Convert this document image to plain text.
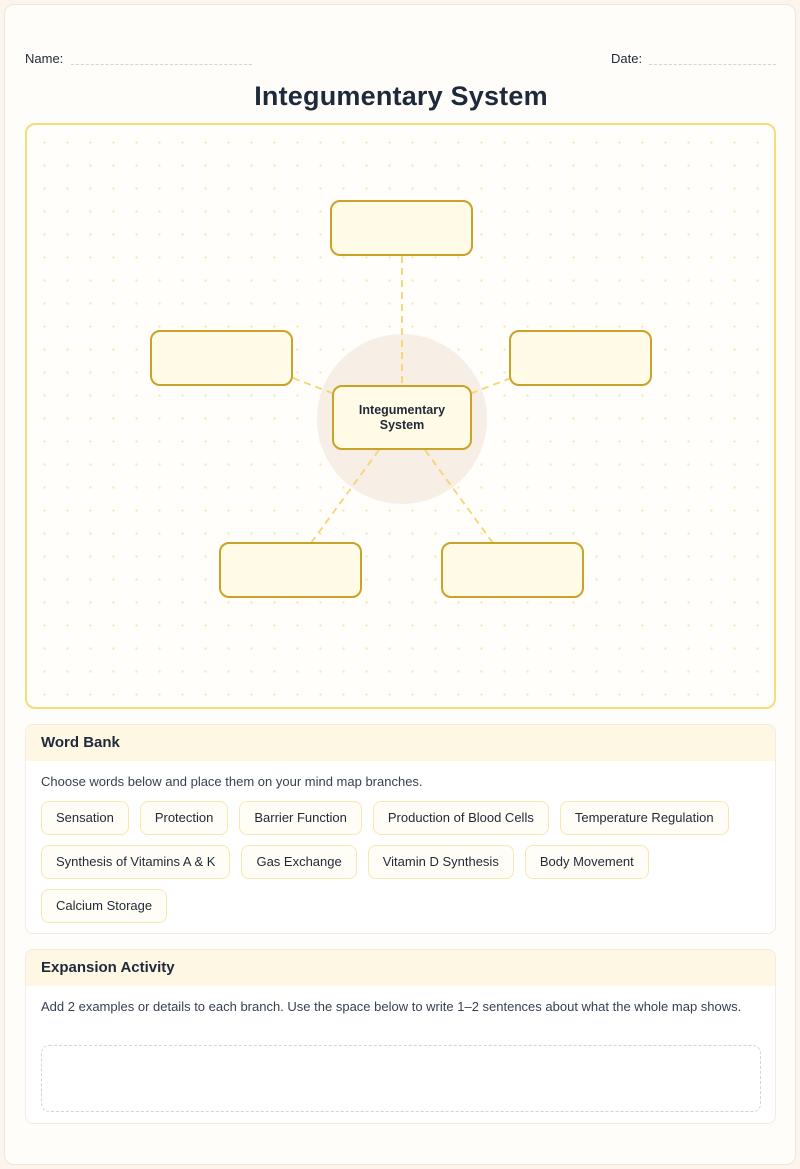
Name:	Date:
Integumentary System
Integumentary System
Word Bank
Choose words below and place them on your mind map branches.
Sensation	Protection	Barrier Function	Production of Blood Cells	Temperature Regulation
Synthesis of Vitamins A & K	Gas Exchange	Vitamin D Synthesis	Body Movement
Calcium Storage
Expansion Activity
Add 2 examples or details to each branch. Use the space below to write 1–2 sentences about what the whole map shows.
